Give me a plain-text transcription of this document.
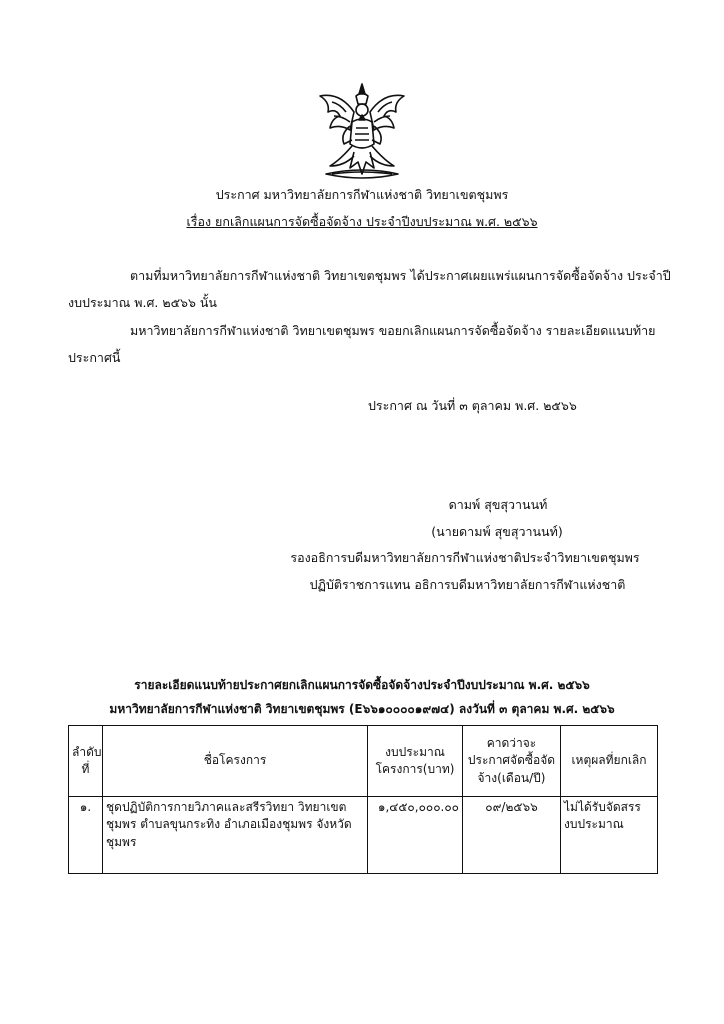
ประกาศ มหาวิทยาลัยการกีฬาแห่งชาติ วิทยาเขตชุมพร
เรื่อง ยกเลิกแผนการจัดซื้อจัดจ้าง ประจำปีงบประมาณ พ.ศ. ๒๕๖๖
ตามที่มหาวิทยาลัยการกีฬาแห่งชาติ วิทยาเขตชุมพร ได้ประกาศเผยแพร่แผนการจัดซื้อจัดจ้าง ประจำปี
งบประมาณ พ.ศ. ๒๕๖๖ นั้น
มหาวิทยาลัยการกีฬาแห่งชาติ วิทยาเขตชุมพร ขอยกเลิกแผนการจัดซื้อจัดจ้าง รายละเอียดแนบท้าย
ประกาศนี้
ประกาศ ณ วันที่ ๓ ตุลาคม พ.ศ. ๒๕๖๖
ดามพ์ สุขสุวานนท์
(นายดามพ์ สุขสุวานนท์)
รองอธิการบดีมหาวิทยาลัยการกีฬาแห่งชาติประจำวิทยาเขตชุมพร
ปฏิบัติราชการแทน อธิการบดีมหาวิทยาลัยการกีฬาแห่งชาติ
รายละเอียดแนบท้ายประกาศยกเลิกแผนการจัดซื้อจัดจ้างประจำปีงบประมาณ พ.ศ. ๒๕๖๖
มหาวิทยาลัยการกีฬาแห่งชาติ วิทยาเขตชุมพร (E๖๖๑๐๐๐๐๑๙๗๔) ลงวันที่ ๓ ตุลาคม พ.ศ. ๒๕๖๖
ลำดับที่	ชื่อโครงการ	งบประมาณโครงการ(บาท)	คาดว่าจะประกาศจัดซื้อจัดจ้าง(เดือน/ปี)	เหตุผลที่ยกเลิก
๑.	ชุดปฏิบัติการกายวิภาคและสรีรวิทยา วิทยาเขตชุมพร ตำบลขุนกระทิง อำเภอเมืองชุมพร จังหวัดชุมพร	๑,๔๕๐,๐๐๐.๐๐	๐๙/๒๕๖๖	ไม่ได้รับจัดสรรงบประมาณ
